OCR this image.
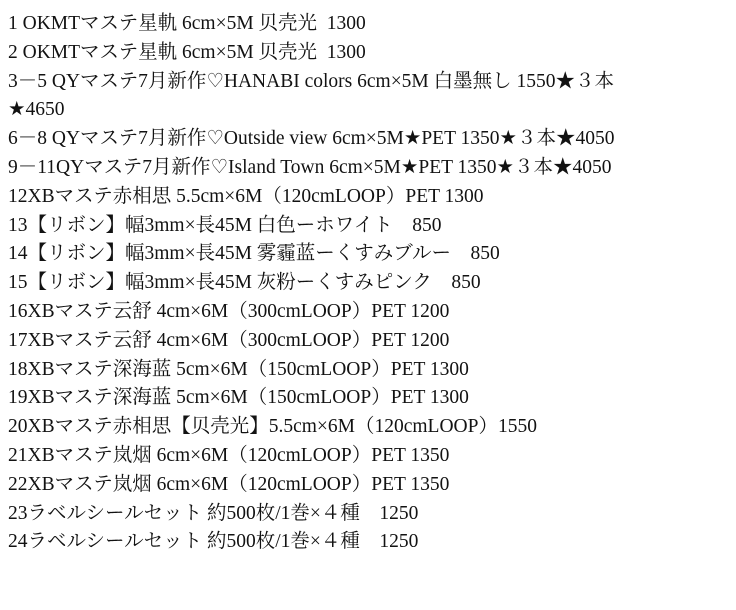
1 OKMTマステ星軌 6cm×5M 贝壳光  1300
2 OKMTマステ星軌 6cm×5M 贝壳光  1300
3－5 QYマステ7月新作♡HANABI colors 6cm×5M 白墨無し 1550★３本
★4650
6－8 QYマステ7月新作♡Outside view 6cm×5M★PET 1350★３本★4050
9－11QYマステ7月新作♡Island Town 6cm×5M★PET 1350★３本★4050
12XBマステ赤相思 5.5cm×6M（120cmLOOP）PET 1300
13【リボン】幅3mm×長45M 白色ーホワイト　850
14【リボン】幅3mm×長45M 雾霾蓝ーくすみブルー　850
15【リボン】幅3mm×長45M 灰粉ーくすみピンク　850
16XBマステ云舒 4cm×6M（300cmLOOP）PET 1200
17XBマステ云舒 4cm×6M（300cmLOOP）PET 1200
18XBマステ深海蓝 5cm×6M（150cmLOOP）PET 1300
19XBマステ深海蓝 5cm×6M（150cmLOOP）PET 1300
20XBマステ赤相思【贝壳光】5.5cm×6M（120cmLOOP）1550
21XBマステ岚烟 6cm×6M（120cmLOOP）PET 1350
22XBマステ岚烟 6cm×6M（120cmLOOP）PET 1350
23ラベルシールセット 約500枚/1巻×４種　1250
24ラベルシールセット 約500枚/1巻×４種　1250
